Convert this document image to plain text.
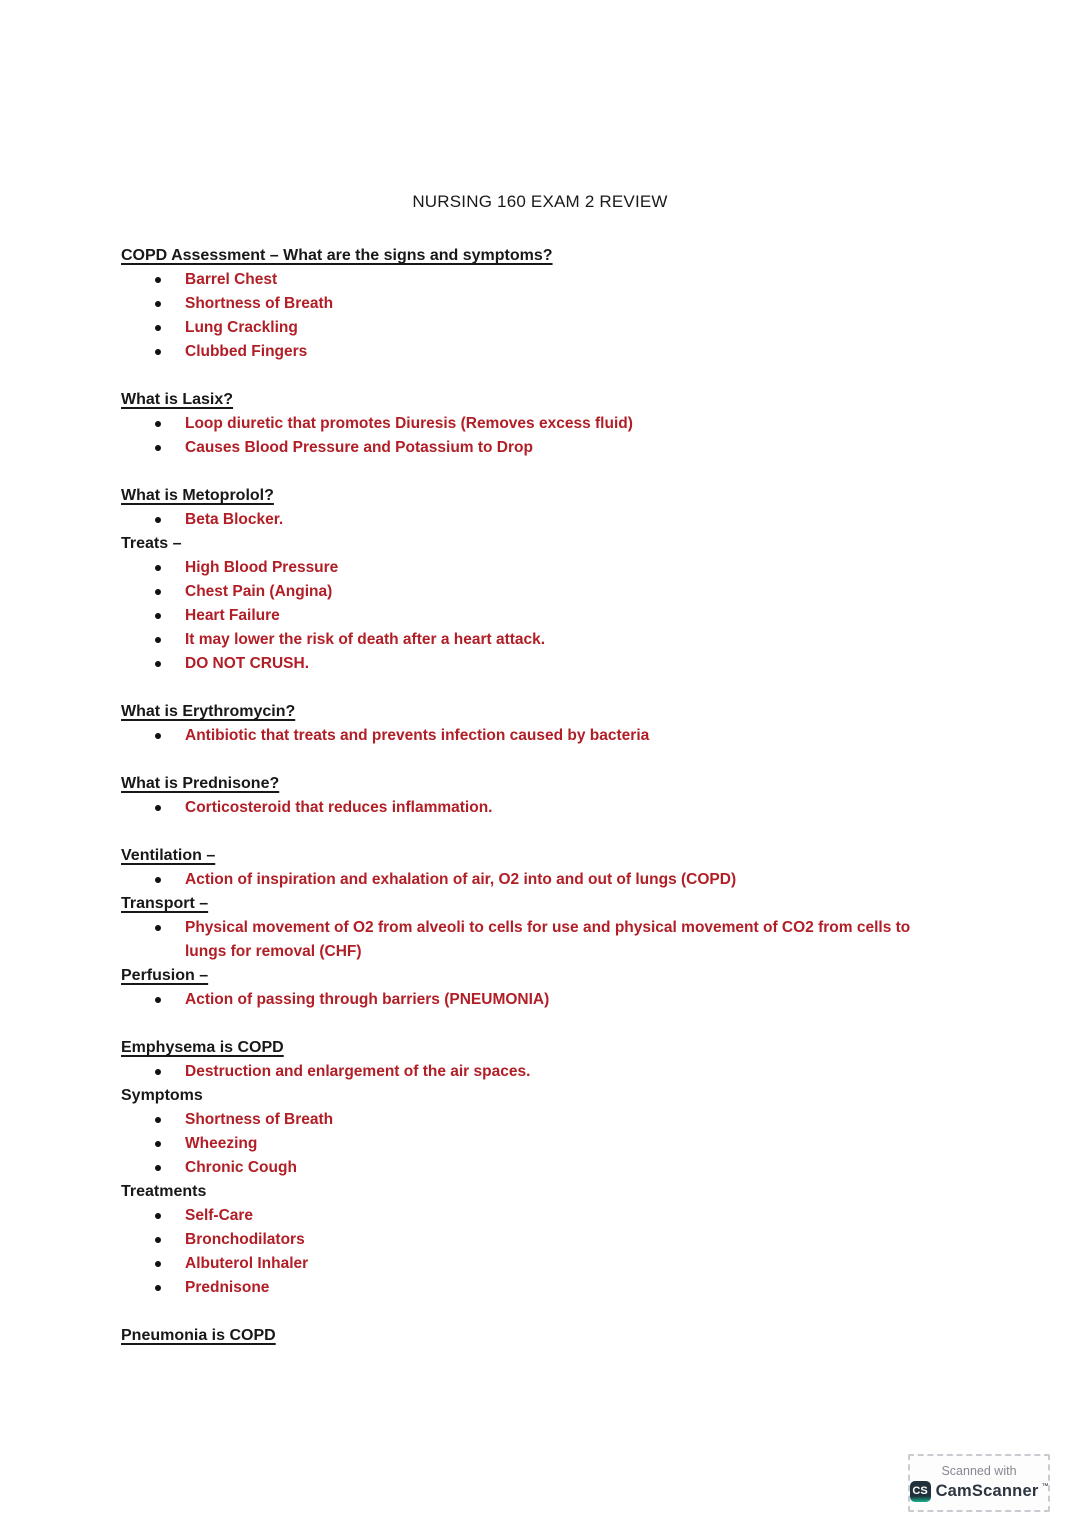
NURSING 160 EXAM 2 REVIEW
COPD Assessment – What are the signs and symptoms?
Barrel Chest
Shortness of Breath
Lung Crackling
Clubbed Fingers
What is Lasix?
Loop diuretic that promotes Diuresis (Removes excess fluid)
Causes Blood Pressure and Potassium to Drop
What is Metoprolol?
Beta Blocker.
Treats –
High Blood Pressure
Chest Pain (Angina)
Heart Failure
It may lower the risk of death after a heart attack.
DO NOT CRUSH.
What is Erythromycin?
Antibiotic that treats and prevents infection caused by bacteria
What is Prednisone?
Corticosteroid that reduces inflammation.
Ventilation –
Action of inspiration and exhalation of air, O2 into and out of lungs (COPD)
Transport –
Physical movement of O2 from alveoli to cells for use and physical movement of CO2 from cells to lungs for removal (CHF)
Perfusion –
Action of passing through barriers (PNEUMONIA)
Emphysema is COPD
Destruction and enlargement of the air spaces.
Symptoms
Shortness of Breath
Wheezing
Chronic Cough
Treatments
Self-Care
Bronchodilators
Albuterol Inhaler
Prednisone
Pneumonia is COPD
Scanned with
CS CamScanner ™
